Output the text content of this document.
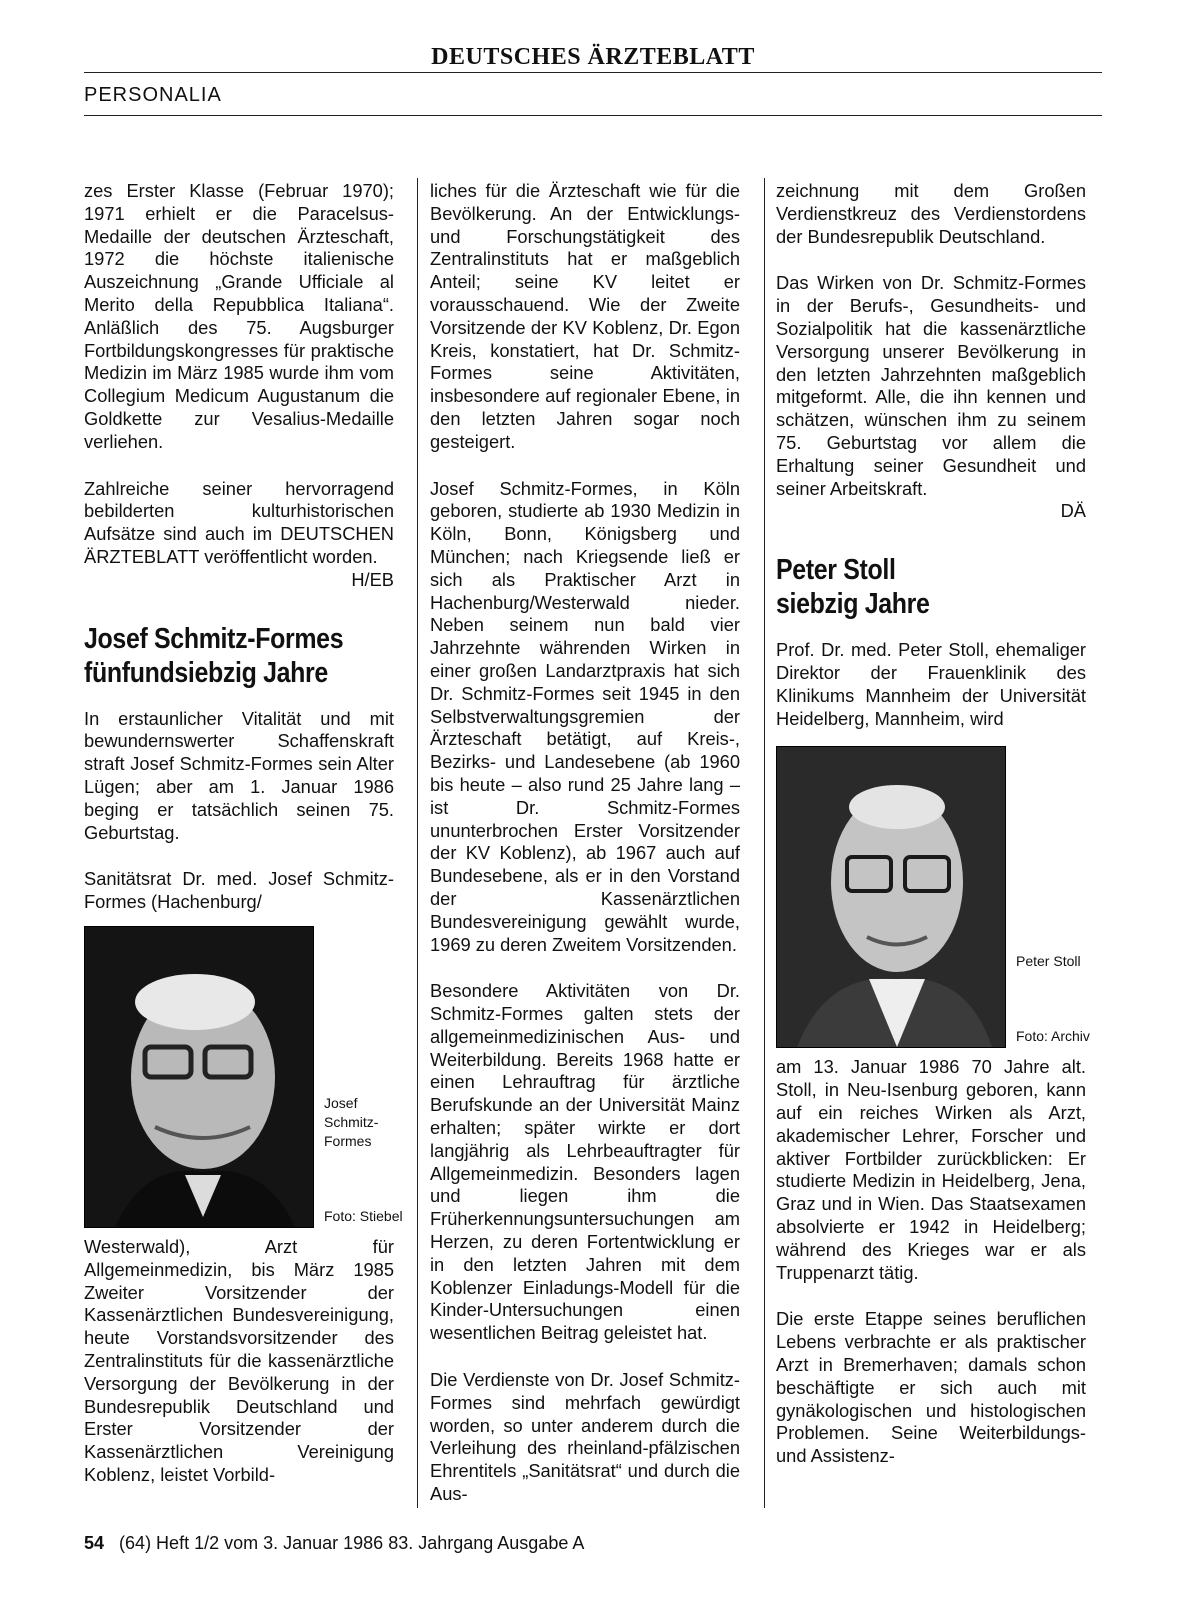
DEUTSCHES ÄRZTEBLATT
PERSONALIA

zes Erster Klasse (Februar 1970); 1971 erhielt er die Paracelsus-Medaille der deutschen Ärzteschaft, 1972 die höchste italienische Auszeichnung „Grande Ufficiale al Merito della Repubblica Italiana“. Anläßlich des 75. Augsburger Fortbildungskongresses für praktische Medizin im März 1985 wurde ihm vom Collegium Medicum Augustanum die Goldkette zur Vesalius-Medaille verliehen.

Zahlreiche seiner hervorragend bebilderten kulturhistorischen Aufsätze sind auch im DEUTSCHEN ÄRZTEBLATT veröffentlicht worden.
H/EB

Josef Schmitz-Formes
fünfundsiebzig Jahre

In erstaunlicher Vitalität und mit bewundernswerter Schaffenskraft straft Josef Schmitz-Formes sein Alter Lügen; aber am 1. Januar 1986 beging er tatsächlich seinen 75. Geburtstag.

Sanitätsrat Dr. med. Josef Schmitz-Formes (Hachenburg/

Josef Schmitz-Formes
Foto: Stiebel

Westerwald), Arzt für Allgemeinmedizin, bis März 1985 Zweiter Vorsitzender der Kassenärztlichen Bundesvereinigung, heute Vorstandsvorsitzender des Zentralinstituts für die kassenärztliche Versorgung der Bevölkerung in der Bundesrepublik Deutschland und Erster Vorsitzender der Kassenärztlichen Vereinigung Koblenz, leistet Vorbild-

liches für die Ärzteschaft wie für die Bevölkerung. An der Entwicklungs- und Forschungstätigkeit des Zentralinstituts hat er maßgeblich Anteil; seine KV leitet er vorausschauend. Wie der Zweite Vorsitzende der KV Koblenz, Dr. Egon Kreis, konstatiert, hat Dr. Schmitz-Formes seine Aktivitäten, insbesondere auf regionaler Ebene, in den letzten Jahren sogar noch gesteigert.

Josef Schmitz-Formes, in Köln geboren, studierte ab 1930 Medizin in Köln, Bonn, Königsberg und München; nach Kriegsende ließ er sich als Praktischer Arzt in Hachenburg/Westerwald nieder. Neben seinem nun bald vier Jahrzehnte währenden Wirken in einer großen Landarztpraxis hat sich Dr. Schmitz-Formes seit 1945 in den Selbstverwaltungsgremien der Ärzteschaft betätigt, auf Kreis-, Bezirks- und Landesebene (ab 1960 bis heute – also rund 25 Jahre lang – ist Dr. Schmitz-Formes ununterbrochen Erster Vorsitzender der KV Koblenz), ab 1967 auch auf Bundesebene, als er in den Vorstand der Kassenärztlichen Bundesvereinigung gewählt wurde, 1969 zu deren Zweitem Vorsitzenden.

Besondere Aktivitäten von Dr. Schmitz-Formes galten stets der allgemeinmedizinischen Aus- und Weiterbildung. Bereits 1968 hatte er einen Lehrauftrag für ärztliche Berufskunde an der Universität Mainz erhalten; später wirkte er dort langjährig als Lehrbeauftragter für Allgemeinmedizin. Besonders lagen und liegen ihm die Früherkennungsuntersuchungen am Herzen, zu deren Fortentwicklung er in den letzten Jahren mit dem Koblenzer Einladungs-Modell für die Kinder-Untersuchungen einen wesentlichen Beitrag geleistet hat.

Die Verdienste von Dr. Josef Schmitz-Formes sind mehrfach gewürdigt worden, so unter anderem durch die Verleihung des rheinland-pfälzischen Ehrentitels „Sanitätsrat“ und durch die Aus-

zeichnung mit dem Großen Verdienstkreuz des Verdienstordens der Bundesrepublik Deutschland.

Das Wirken von Dr. Schmitz-Formes in der Berufs-, Gesundheits- und Sozialpolitik hat die kassenärztliche Versorgung unserer Bevölkerung in den letzten Jahrzehnten maßgeblich mitgeformt. Alle, die ihn kennen und schätzen, wünschen ihm zu seinem 75. Geburtstag vor allem die Erhaltung seiner Gesundheit und seiner Arbeitskraft.
DÄ

Peter Stoll
siebzig Jahre

Prof. Dr. med. Peter Stoll, ehemaliger Direktor der Frauenklinik des Klinikums Mannheim der Universität Heidelberg, Mannheim, wird

Peter Stoll
Foto: Archiv

am 13. Januar 1986 70 Jahre alt. Stoll, in Neu-Isenburg geboren, kann auf ein reiches Wirken als Arzt, akademischer Lehrer, Forscher und aktiver Fortbilder zurückblicken: Er studierte Medizin in Heidelberg, Jena, Graz und in Wien. Das Staatsexamen absolvierte er 1942 in Heidelberg; während des Krieges war er als Truppenarzt tätig.

Die erste Etappe seines beruflichen Lebens verbrachte er als praktischer Arzt in Bremerhaven; damals schon beschäftigte er sich auch mit gynäkologischen und histologischen Problemen. Seine Weiterbildungs- und Assistenz-

54 (64) Heft 1/2 vom 3. Januar 1986 83. Jahrgang Ausgabe A
